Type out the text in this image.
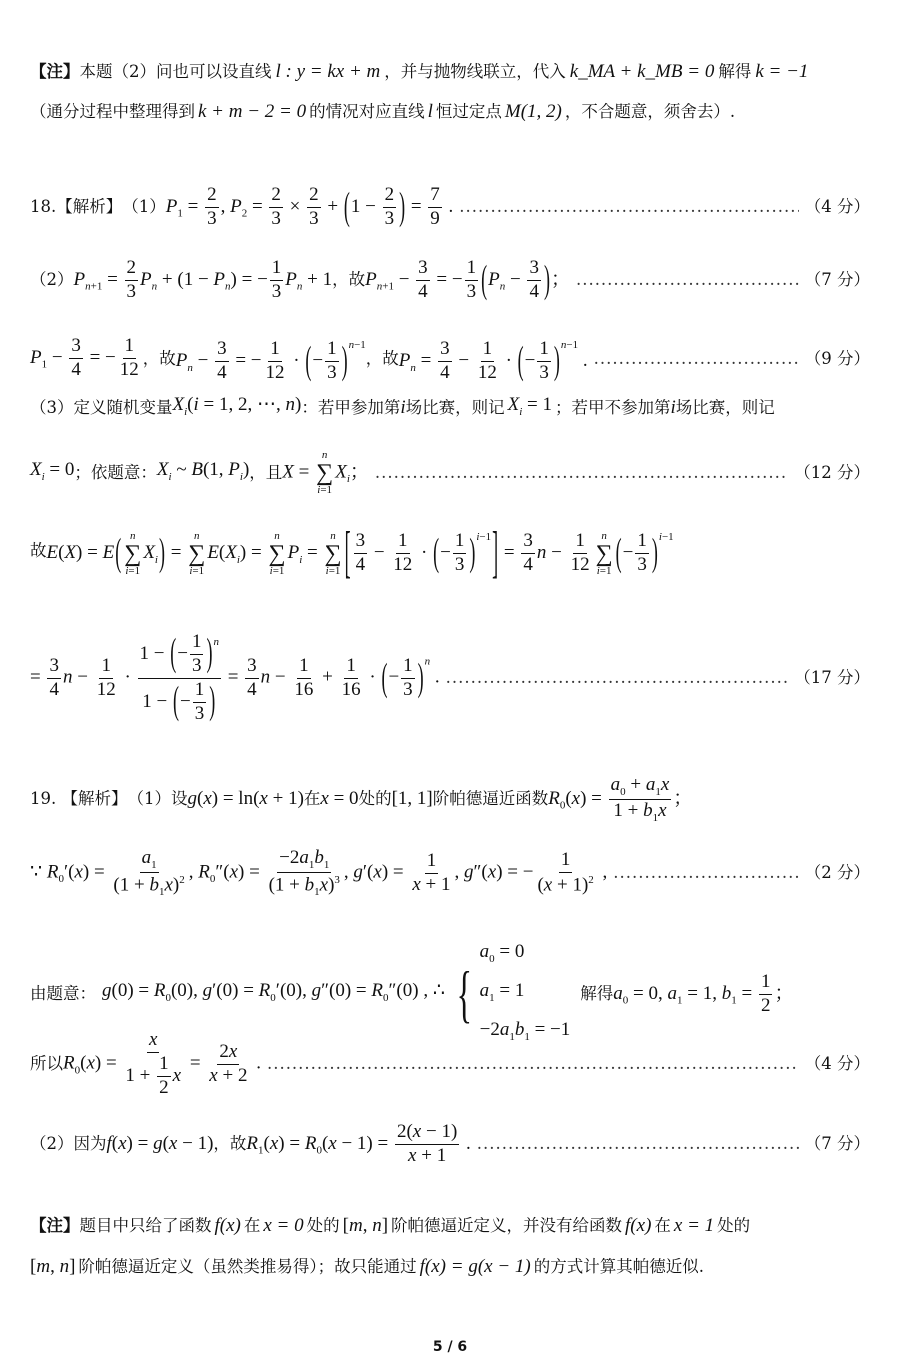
【注】 本题（2）问也可以设直线 l : y = kx + m ，并与抛物线联立，代入 k_MA + k_MB = 0 解得 k = −1
（通分过程中整理得到 k + m − 2 = 0 的情况对应直线 l 恒过定点 M(1, 2) ，不合题意，须舍去）.
18.【解析】 （1） $P_1 = \frac{2}{3}$ , $P_2 = \frac{2}{3} \times \frac{2}{3} + (1 - \frac{2}{3}$ ) = $\frac{7}{9}$ . .....	（4 分）
（2） $P_{n+1} = \frac{2}{3} P_n + (1 - P_n)$ = − $\frac{1}{3} P_n + 1$ ，故 $P_{n+1} - \frac{3}{4}$ = − $\frac{1}{3} (P_n - \frac{3}{4}$ )； .....	（7 分）
$P_1 - \frac{3}{4}$ = − $\frac{1}{12}$ ，故 $P_n - \frac{3}{4}$ = − $\frac{1}{12}$ · (− $\frac{1}{3} )^{n-1}$
，故 $P_n = \frac{3}{4} - \frac{1}{12}$ · (− $\frac{1}{3} )^{n-1}$ . .....	（9 分）
（3）定义随机变量 $X_i(i = 1$, 2, ⋯, n) ：若甲参加第 i 场比赛，则记 $X_i = 1$ ；若甲不参加第 i 场比赛，则记
$X_i = 0$ ；依题意： $X_i$ ~ B(1, $P_i$) ，且 X =
n
∑
i=1
$X_i$； .....	（12 分）
故 E(X) = E( n
∑
i=1
$X_i$) =
n
∑
i=1
$E(X_i)$ =
n
∑
i=1
$P_i$ =
n
∑
i=1 [ $\frac{3}{4} - \frac{1}{12}$ · (− $\frac{1}{3} )^{i-1}] = \frac{3}{4}$ $n - \frac{1}{12}$ n
∑
i=1 (− $\frac{1}{3} )^{i-1}$
= $\frac{3}{4}$ $n - \frac{1}{12} \cdot \frac{1 - (- \frac{1}{3} )^n}{1 - (- \frac{1}{3} )} = \frac{3}{4}$ $n - \frac{1}{16} + \frac{1}{16}$ · (− $\frac{1}{3} )^n$ . .....	（17 分）
19. 【解析】 （1）设 g(x) = ln(x + 1) 在 x = 0 处的 [1, 1] 阶帕德逼近函数 $R_0(x) = \frac{a_0 + a_1x}{1 + b_1x}$ ；
∵ $R_0'(x) = \frac{a_1}{(1 + b_1x)^2}$ , $R_0''(x) = \frac{-2a_1b_1}{(1 + b_1x)^3}$ , $g'(x) = \frac{1}{x + 1}$ , g″(x) = − $\frac{1}{(x + 1)^2}$ , .....	（2 分）
由题意： $g(0) = R_0(0)$, $g'(0) = R_0'(0)$, $g''(0) = R_0''(0)$ , ∴ {
$a_0 = 0$
$a_1 = 1$
$-2a_1b_1 = -1$
解得 $a_0 = 0$, $a_1 = 1$, $b_1 = \frac{1}{2}$ ；
所以 $R_0(x) = \frac{x}{1 + \frac{1}{2} x} = \frac{2x}{x + 2}$ . .....	（4 分）
（2）因为 f(x) = g(x − 1) ，故 $R_1(x) = R_0(x - 1) = \frac{2(x - 1)}{x + 1}$ . .....	（7 分）
【注】 题目中只给了函数 f(x) 在 x = 0 处的 [m, n] 阶帕德逼近定义，并没有给函数 f(x) 在 x = 1 处的
[m, n] 阶帕德逼近定义（虽然类推易得）；故只能通过 f(x) = g(x − 1) 的方式计算其帕德近似.
5 / 6
